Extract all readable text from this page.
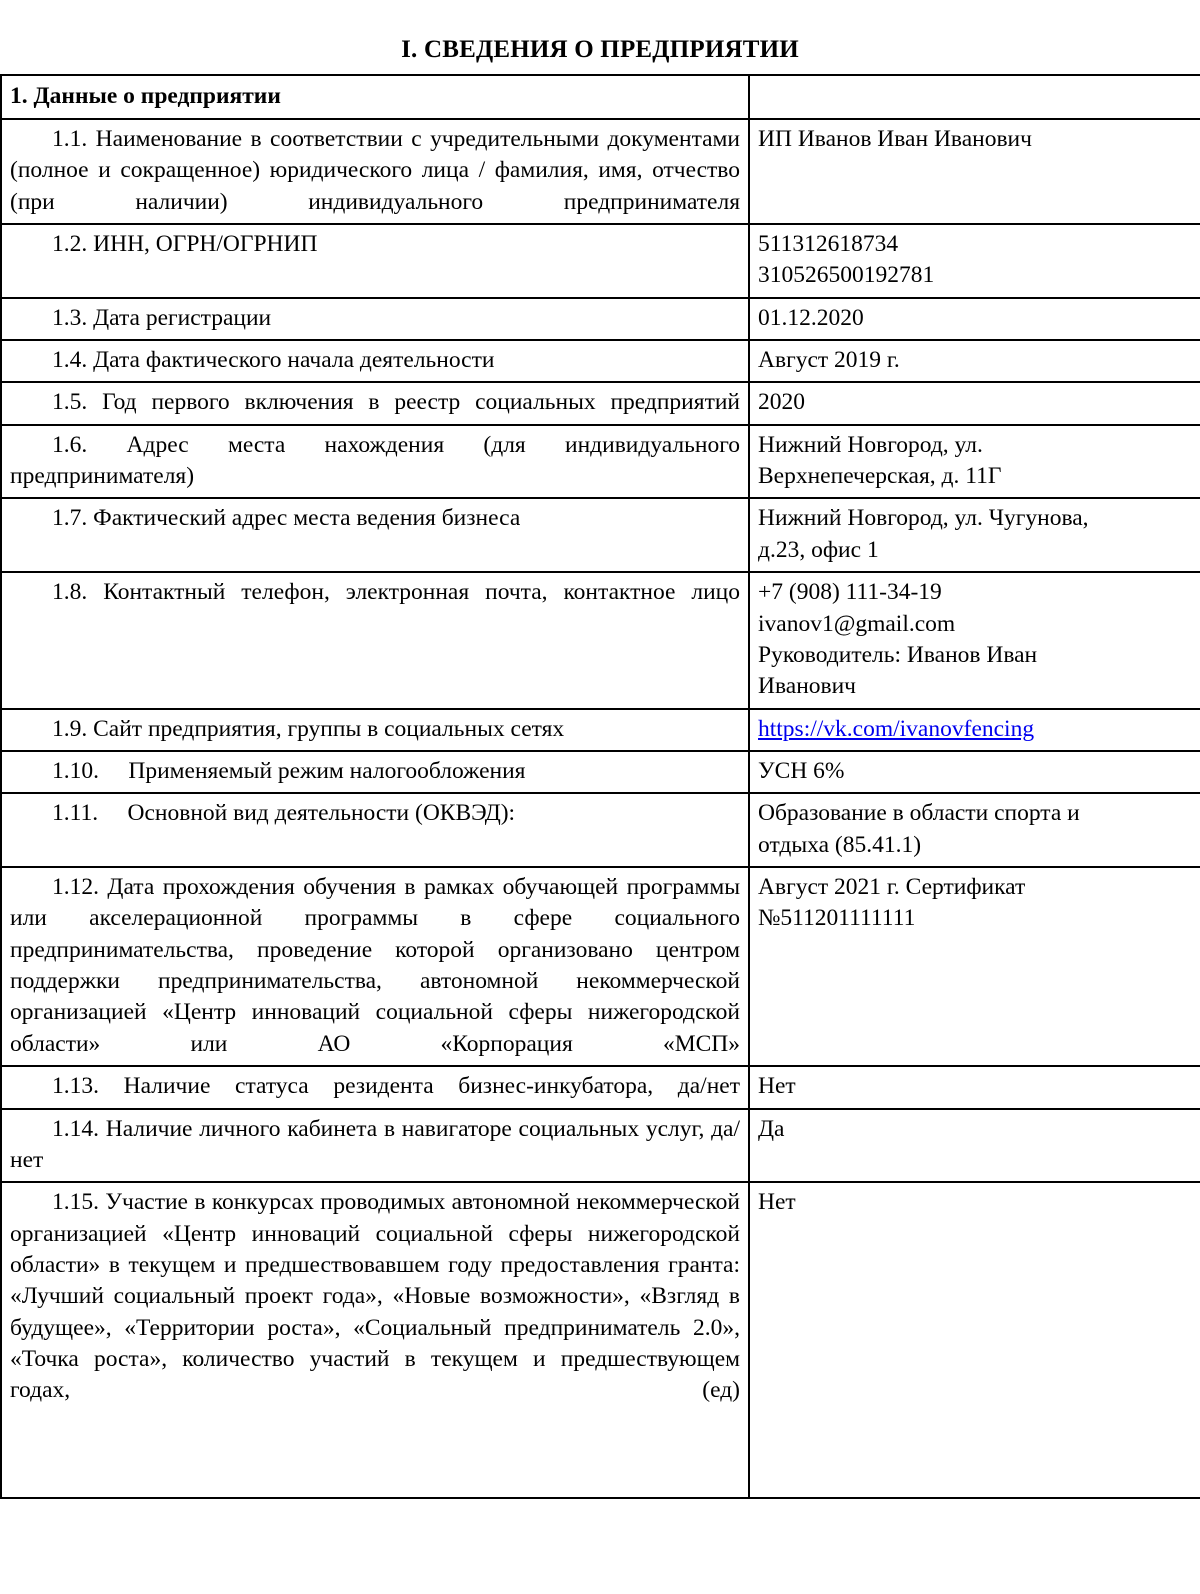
I. СВЕДЕНИЯ О ПРЕДПРИЯТИИ
1. Данные о предприятии	

1.1. Наименование в соответствии с учредительными документами (полное и сокращенное) юридического лица / фамилия, имя, отчество (при наличии) индивидуального предпринимателя	ИП Иванов Иван Иванович

1.2. ИНН, ОГРН/ОГРНИП	511312618734
310526500192781

1.3. Дата регистрации	01.12.2020

1.4. Дата фактического начала деятельности	Август 2019 г.

1.5. Год первого включения в реестр социальных предприятий	2020

1.6. Адрес места нахождения (для индивидуального предпринимателя)	Нижний Новгород, ул.
Верхнепечерская, д. 11Г

1.7. Фактический адрес места ведения бизнеса	Нижний Новгород, ул. Чугунова,
д.23, офис 1

1.8. Контактный телефон, электронная почта, контактное лицо	+7 (908) 111-34-19
ivanov1@gmail.com
Руководитель: Иванов Иван
Иванович

1.9. Сайт предприятия, группы в социальных сетях	https://vk.com/ivanovfencing

1.10.  Применяемый режим налогообложения	УСН 6%

1.11.  Основной вид деятельности (ОКВЭД):	Образование в области спорта и
отдыха (85.41.1)

1.12. Дата прохождения обучения в рамках обучающей программы или акселерационной программы в сфере социального предпринимательства, проведение которой организовано центром поддержки предпринимательства, автономной некоммерческой организацией «Центр инноваций социальной сферы нижегородской области» или АО «Корпорация «МСП»	Август 2021 г. Сертификат
№511201111111

1.13. Наличие статуса резидента бизнес-инкубатора, да/нет	Нет

1.14. Наличие личного кабинета в навигаторе социальных услуг, да/нет	Да

1.15. Участие в конкурсах проводимых автономной некоммерческой организацией «Центр инноваций социальной сферы нижегородской области» в текущем и предшествовавшем году предоставления гранта: «Лучший социальный проект года», «Новые возможности», «Взгляд в будущее», «Территории роста», «Социальный предприниматель 2.0», «Точка роста», количество участий в текущем и предшествующем годах, (ед)	Нет
